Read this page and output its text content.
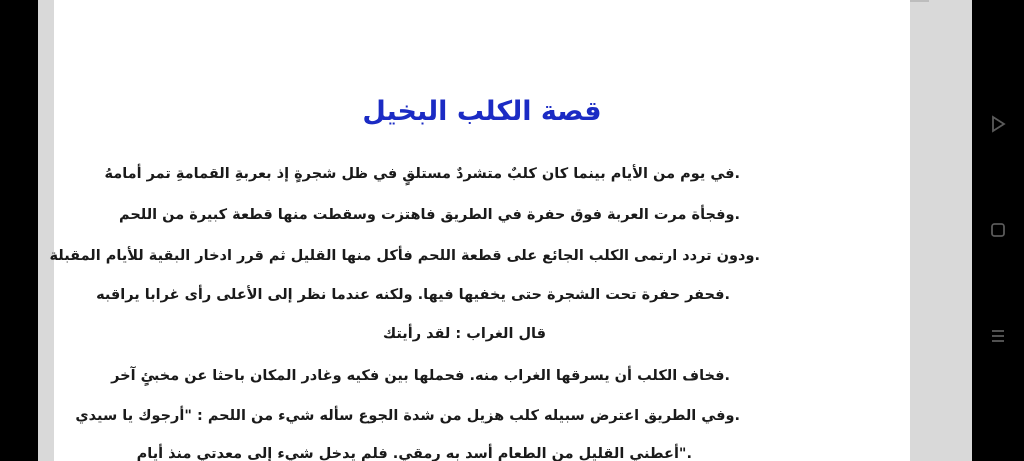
قصة الكلب البخيل
.في يوم من الأيام بينما كان كلبٌ متشردٌ مستلقٍ في ظل شجرةٍ إذ بعربةِ القمامةِ تمر أمامهُ
.وفجأة مرت العربة فوق حفرة في الطريق فاهتزت وسقطت منها قطعة كبيرة من اللحم
.ودون تردد ارتمى الكلب الجائع على قطعة اللحم فأكل منها القليل ثم قرر ادخار البقية للأيام المقبلة
.فحفر حفرة تحت الشجرة حتى يخفيها فيها. ولكنه عندما نظر إلى الأعلى رأى غرابا يراقبه
قال الغراب : لقد رأيتك
.فخاف الكلب أن يسرقها الغراب منه. فحملها بين فكيه وغادر المكان باحثا عن مخبئٍ آخر
.وفي الطريق اعترض سبيله كلب هزيل من شدة الجوع سأله شيء من اللحم : "أرجوك يا سيدي
."أعطني القليل من الطعام أسد به رمقي. فلم يدخل شيء إلى معدتي منذ أيام
